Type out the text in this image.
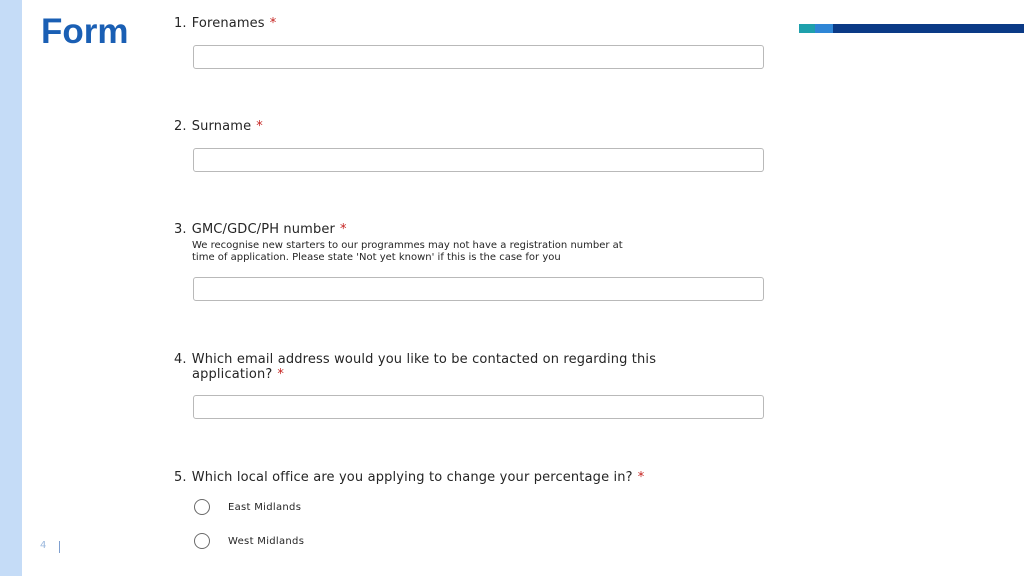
Form	1. Forenames *
2. Surname *
3. GMC/GDC/PH number *
We recognise new starters to our programmes may not have a registration number at
time of application. Please state 'Not yet known' if this is the case for you
4. Which email address would you like to be contacted on regarding this
application? *
5. Which local office are you applying to change your percentage in? *
East Midlands
West Midlands
4
